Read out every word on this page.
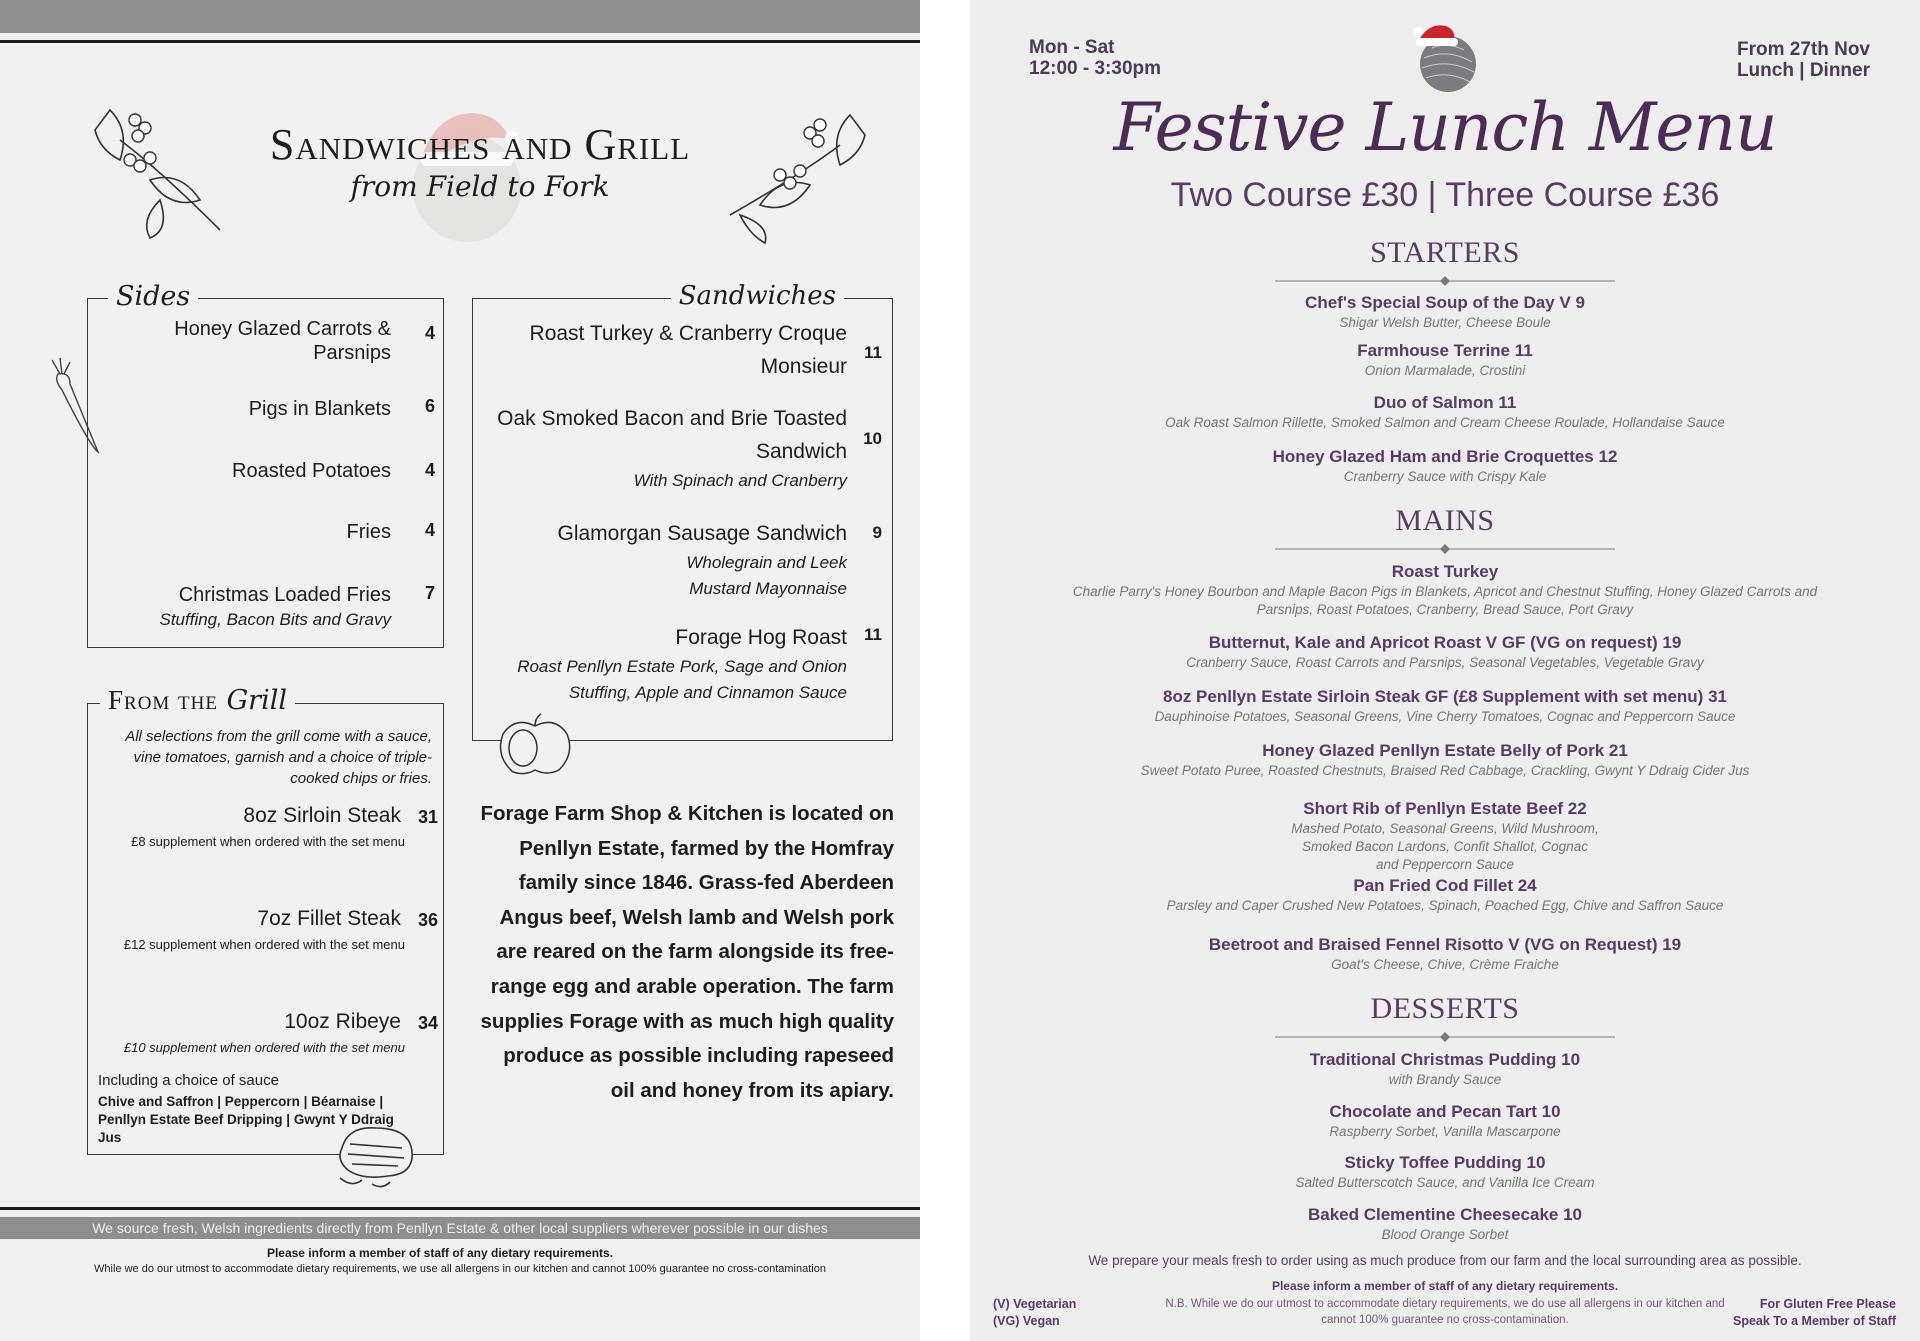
Sandwiches and Grill
from Field to Fork
Sides
Honey Glazed Carrots & Parsnips
4
Pigs in Blankets 6
Roasted Potatoes 4
Fries 4
Christmas Loaded Fries 7
Stuffing, Bacon Bits and Gravy
Sandwiches
Roast Turkey & Cranberry Croque Monsieur
11
Oak Smoked Bacon and Brie Toasted Sandwich
With Spinach and Cranberry
10
Glamorgan Sausage Sandwich
Wholegrain and Leek Mustard Mayonnaise
9
Forage Hog Roast
Roast Penllyn Estate Pork, Sage and Onion Stuffing, Apple and Cinnamon Sauce
11
From the Grill
All selections from the grill come with a sauce, vine tomatoes, garnish and a choice of triple-cooked chips or fries.
8oz Sirloin Steak 31
£8 supplement when ordered with the set menu
7oz Fillet Steak 36
£12 supplement when ordered with the set menu
10oz Ribeye 34
£10 supplement when ordered with the set menu
Including a choice of sauce
Chive and Saffron | Peppercorn | Béarnaise | Penllyn Estate Beef Dripping | Gwynt Y Ddraig Jus
Forage Farm Shop & Kitchen is located on Penllyn Estate, farmed by the Homfray family since 1846. Grass-fed Aberdeen Angus beef, Welsh lamb and Welsh pork are reared on the farm alongside its free-range egg and arable operation. The farm supplies Forage with as much high quality produce as possible including rapeseed oil and honey from its apiary.
We source fresh, Welsh ingredients directly from Penllyn Estate & other local suppliers wherever possible in our dishes
Please inform a member of staff of any dietary requirements.
While we do our utmost to accommodate dietary requirements, we use all allergens in our kitchen and cannot 100% guarantee no cross-contamination
Mon - Sat
12:00 - 3:30pm
From 27th Nov
Lunch | Dinner
Festive Lunch Menu
Two Course £30 | Three Course £36
STARTERS
Chef's Special Soup of the Day V 9
Shigar Welsh Butter, Cheese Boule
Farmhouse Terrine 11
Onion Marmalade, Crostini
Duo of Salmon 11
Oak Roast Salmon Rillette, Smoked Salmon and Cream Cheese Roulade, Hollandaise Sauce
Honey Glazed Ham and Brie Croquettes 12
Cranberry Sauce with Crispy Kale
MAINS
Roast Turkey
Charlie Parry's Honey Bourbon and Maple Bacon Pigs in Blankets, Apricot and Chestnut Stuffing, Honey Glazed Carrots and Parsnips, Roast Potatoes, Cranberry, Bread Sauce, Port Gravy
Butternut, Kale and Apricot Roast V GF (VG on request) 19
Cranberry Sauce, Roast Carrots and Parsnips, Seasonal Vegetables, Vegetable Gravy
8oz Penllyn Estate Sirloin Steak GF (£8 Supplement with set menu) 31
Dauphinoise Potatoes, Seasonal Greens, Vine Cherry Tomatoes, Cognac and Peppercorn Sauce
Honey Glazed Penllyn Estate Belly of Pork 21
Sweet Potato Puree, Roasted Chestnuts, Braised Red Cabbage, Crackling, Gwynt Y Ddraig Cider Jus
Short Rib of Penllyn Estate Beef 22
Mashed Potato, Seasonal Greens, Wild Mushroom, Smoked Bacon Lardons, Confit Shallot, Cognac and Peppercorn Sauce
Pan Fried Cod Fillet 24
Parsley and Caper Crushed New Potatoes, Spinach, Poached Egg, Chive and Saffron Sauce
Beetroot and Braised Fennel Risotto V (VG on Request) 19
Goat's Cheese, Chive, Crème Fraiche
DESSERTS
Traditional Christmas Pudding 10
with Brandy Sauce
Chocolate and Pecan Tart 10
Raspberry Sorbet, Vanilla Mascarpone
Sticky Toffee Pudding 10
Salted Butterscotch Sauce, and Vanilla Ice Cream
Baked Clementine Cheesecake 10
Blood Orange Sorbet
We prepare your meals fresh to order using as much produce from our farm and the local surrounding area as possible.
Please inform a member of staff of any dietary requirements.
N.B. While we do our utmost to accommodate dietary requirements, we do use all allergens in our kitchen and cannot 100% guarantee no cross-contamination.
(V) Vegetarian
(VG) Vegan
For Gluten Free Please
Speak To a Member of Staff
